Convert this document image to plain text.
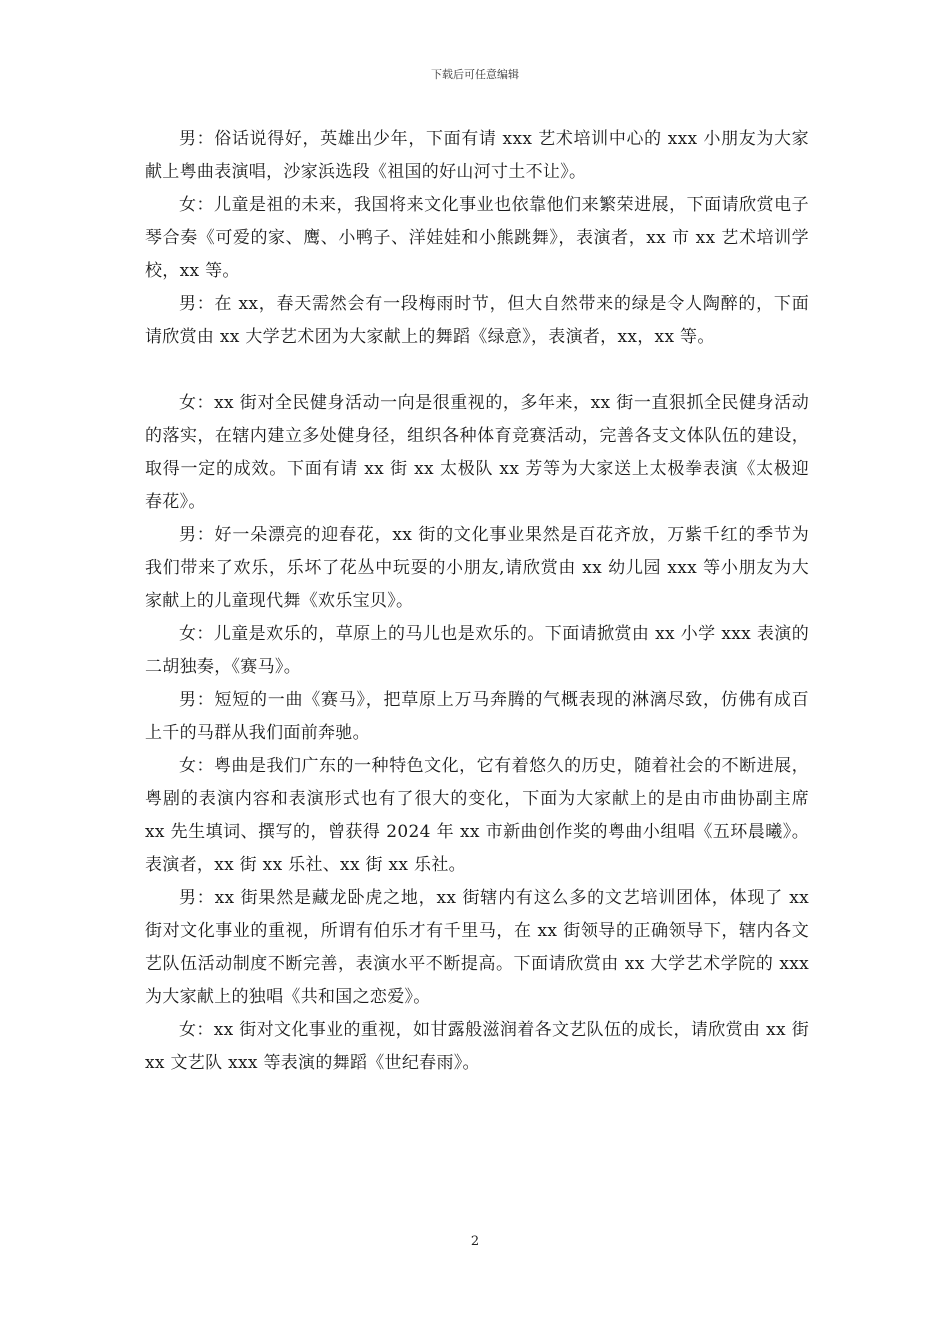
下载后可任意编辑

男：俗话说得好，英雄出少年，下面有请 xxx 艺术培训中心的 xxx 小朋友为大家献上粤曲表演唱，沙家浜选段《祖国的好山河寸土不让》。

女：儿童是祖的未来，我国将来文化事业也依靠他们来繁荣进展，下面请欣赏电子琴合奏《可爱的家、鹰、小鸭子、洋娃娃和小熊跳舞》，表演者，xx 市 xx 艺术培训学校，xx 等。

男：在 xx，春天需然会有一段梅雨时节，但大自然带来的绿是令人陶醉的，下面请欣赏由 xx 大学艺术团为大家献上的舞蹈《绿意》，表演者，xx，xx 等。

女：xx 街对全民健身活动一向是很重视的，多年来，xx 街一直狠抓全民健身活动的落实，在辖内建立多处健身径，组织各种体育竞赛活动，完善各支文体队伍的建设，取得一定的成效。下面有请 xx 街 xx 太极队 xx 芳等为大家送上太极拳表演《太极迎春花》。

男：好一朵漂亮的迎春花，xx 街的文化事业果然是百花齐放，万紫千红的季节为我们带来了欢乐，乐坏了花丛中玩耍的小朋友,请欣赏由 xx 幼儿园 xxx 等小朋友为大家献上的儿童现代舞《欢乐宝贝》。

女：儿童是欢乐的，草原上的马儿也是欢乐的。下面请掀赏由 xx 小学 xxx 表演的二胡独奏，《赛马》。

男：短短的一曲《赛马》，把草原上万马奔腾的气概表现的淋漓尽致，仿佛有成百上千的马群从我们面前奔驰。

女：粤曲是我们广东的一种特色文化，它有着悠久的历史，随着社会的不断进展，粤剧的表演内容和表演形式也有了很大的变化，下面为大家献上的是由市曲协副主席 xx 先生填词、撰写的，曾获得 2024 年 xx 市新曲创作奖的粤曲小组唱《五环晨曦》。表演者，xx 街 xx 乐社、xx 街 xx 乐社。

男：xx 街果然是藏龙卧虎之地，xx 街辖内有这么多的文艺培训团体，体现了 xx 街对文化事业的重视，所谓有伯乐才有千里马，在 xx 街领导的正确领导下，辖内各文艺队伍活动制度不断完善，表演水平不断提高。下面请欣赏由 xx 大学艺术学院的 xxx 为大家献上的独唱《共和国之恋爱》。

女：xx 街对文化事业的重视，如甘露般滋润着各文艺队伍的成长，请欣赏由 xx 街 xx 文艺队 xxx 等表演的舞蹈《世纪春雨》。

2
